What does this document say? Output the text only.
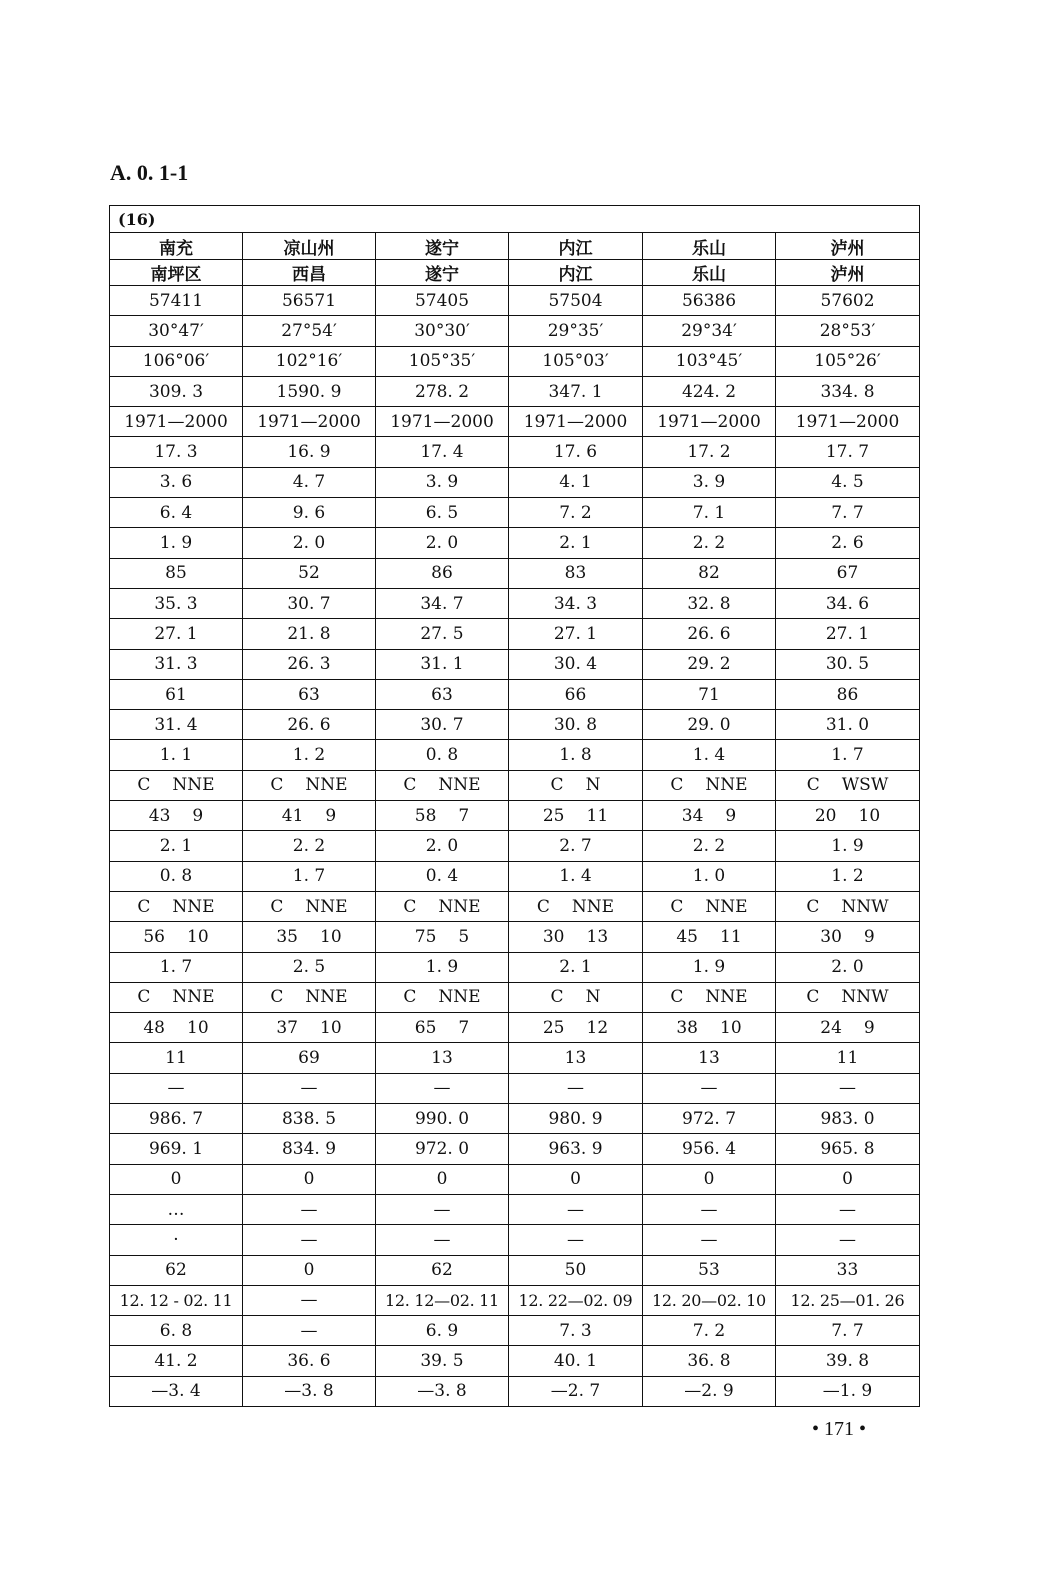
A. 0. 1-1
(16)					
南充	凉山州	遂宁	内江	乐山	泸州
南坪区	西昌	遂宁	内江	乐山	泸州
57411	56571	57405	57504	56386	57602
30°47′	27°54′	30°30′	29°35′	29°34′	28°53′
106°06′	102°16′	105°35′	105°03′	103°45′	105°26′
309. 3	1590. 9	278. 2	347. 1	424. 2	334. 8
1971—2000	1971—2000	1971—2000	1971—2000	1971—2000	1971—2000
17. 3	16. 9	17. 4	17. 6	17. 2	17. 7
3. 6	4. 7	3. 9	4. 1	3. 9	4. 5
6. 4	9. 6	6. 5	7. 2	7. 1	7. 7
1. 9	2. 0	2. 0	2. 1	2. 2	2. 6
85	52	86	83	82	67
35. 3	30. 7	34. 7	34. 3	32. 8	34. 6
27. 1	21. 8	27. 5	27. 1	26. 6	27. 1
31. 3	26. 3	31. 1	30. 4	29. 2	30. 5
61	63	63	66	71	86
31. 4	26. 6	30. 7	30. 8	29. 0	31. 0
1. 1	1. 2	0. 8	1. 8	1. 4	1. 7
C NNE	C NNE	C NNE	C N	C NNE	C WSW
43 9	41 9	58 7	25 11	34 9	20 10
2. 1	2. 2	2. 0	2. 7	2. 2	1. 9
0. 8	1. 7	0. 4	1. 4	1. 0	1. 2
C NNE	C NNE	C NNE	C NNE	C NNE	C NNW
56 10	35 10	75 5	30 13	45 11	30 9
1. 7	2. 5	1. 9	2. 1	1. 9	2. 0
C NNE	C NNE	C NNE	C N	C NNE	C NNW
48 10	37 10	65 7	25 12	38 10	24 9
11	69	13	13	13	11
—	—	—	—	—	—
986. 7	838. 5	990. 0	980. 9	972. 7	983. 0
969. 1	834. 9	972. 0	963. 9	956. 4	965. 8
0	0	0	0	0	0
…	—	—	—	—	—
·	—	—	—	—	—
62	0	62	50	53	33
12. 12 - 02. 11	—	12. 12—02. 11	12. 22—02. 09	12. 20—02. 10	12. 25—01. 26
6. 8	—	6. 9	7. 3	7. 2	7. 7
41. 2	36. 6	39. 5	40. 1	36. 8	39. 8
—3. 4	—3. 8	—3. 8	—2. 7	—2. 9	—1. 9
• 171 •
